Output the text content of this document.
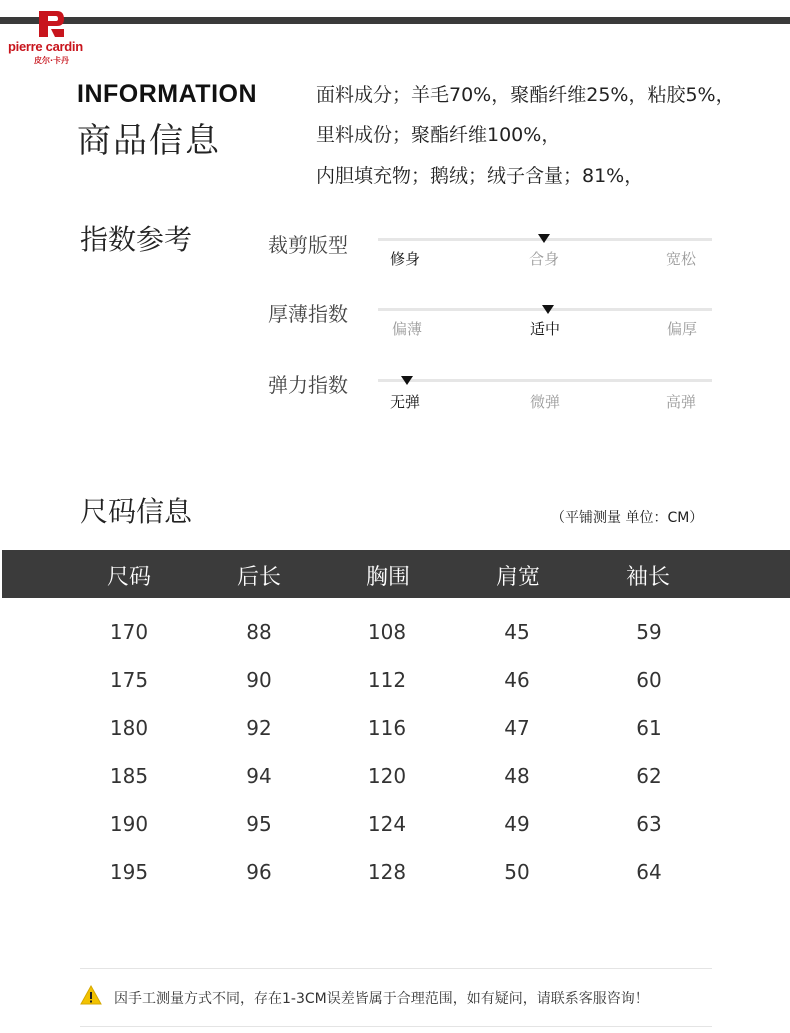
pierre cardin
皮尔·卡丹
INFORMATION
商品信息
面料成分；羊毛70%，聚酯纤维25%，粘胶5%，
里料成份；聚酯纤维100%，
内胆填充物；鹅绒；绒子含量；81%，
指数参考	裁剪版型
修身	合身	宽松
厚薄指数
偏薄	适中	偏厚
弹力指数
无弹	微弹	高弹
尺码信息	（平铺测量 单位：CM）
尺码	后长	胸围	肩宽	袖长
170	88	108	45	59
175	90	112	46	60
180	92	116	47	61
185	94	120	48	62
190	95	124	49	63
195	96	128	50	64
因手工测量方式不同，存在1-3CM误差皆属于合理范围，如有疑问，请联系客服咨询！
